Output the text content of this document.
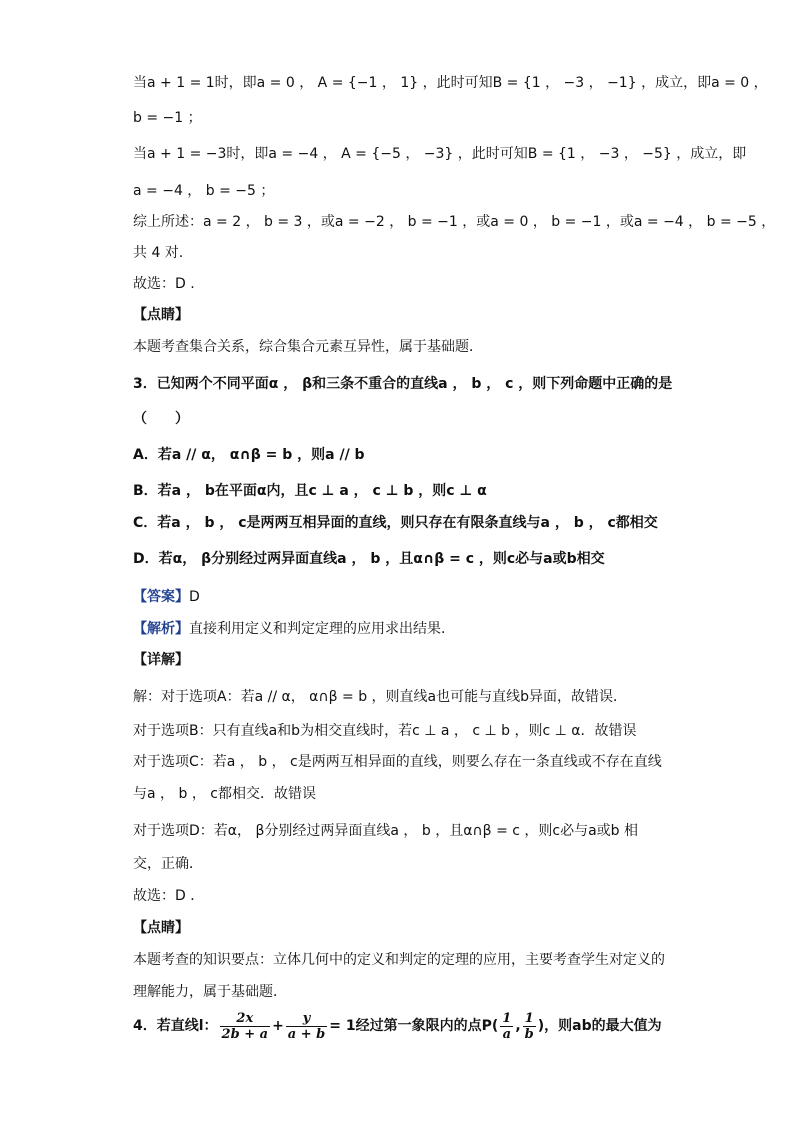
当a + 1 = 1时，即a = 0 ， A = {−1 ， 1} ，此时可知B = {1 ， −3 ， −1} ，成立，即a = 0 ，
b = −1 ；
当a + 1 = −3时，即a = −4 ， A = {−5 ， −3} ，此时可知B = {1 ， −3 ， −5} ，成立，即
a = −4 ， b = −5 ；
综上所述：a = 2 ， b = 3 ，或a = −2 ， b = −1 ，或a = 0 ， b = −1 ，或a = −4 ， b = −5 ，
共 4 对.
故选：D .
【点睛】
本题考查集合关系，综合集合元素互异性，属于基础题．
3．已知两个不同平面α ， β和三条不重合的直线a ， b ， c ，则下列命题中正确的是
（　　）
A．若a // α， α∩β = b ，则a // b
B．若a ， b在平面α内，且c ⊥ a ， c ⊥ b ，则c ⊥ α
C．若a ， b ， c是两两互相异面的直线，则只存在有限条直线与a ， b ， c都相交
D．若α， β分别经过两异面直线a ， b ，且α∩β = c ，则c必与a或b相交
【答案】D
【解析】直接利用定义和判定定理的应用求出结果．
【详解】
解：对于选项A：若a // α， α∩β = b ，则直线a也可能与直线b异面，故错误．
对于选项B：只有直线a和b为相交直线时，若c ⊥ a ， c ⊥ b ，则c ⊥ α．故错误
对于选项C：若a ， b ， c是两两互相异面的直线，则要么存在一条直线或不存在直线
与a ， b ， c都相交．故错误
对于选项D：若α， β分别经过两异面直线a ， b ，且α∩β = c ，则c必与a或b 相
交，正确．
故选：D ．
【点睛】
本题考查的知识要点：立体几何中的定义和判定的定理的应用，主要考查学生对定义的
理解能力，属于基础题．
4．若直线l： $\frac{2x}{2b + a} + \frac{y}{a + b} = 1$经过第一象限内的点$P( \frac{1}{a}$ , $\frac{1}{b}$ )，则ab的最大值为
